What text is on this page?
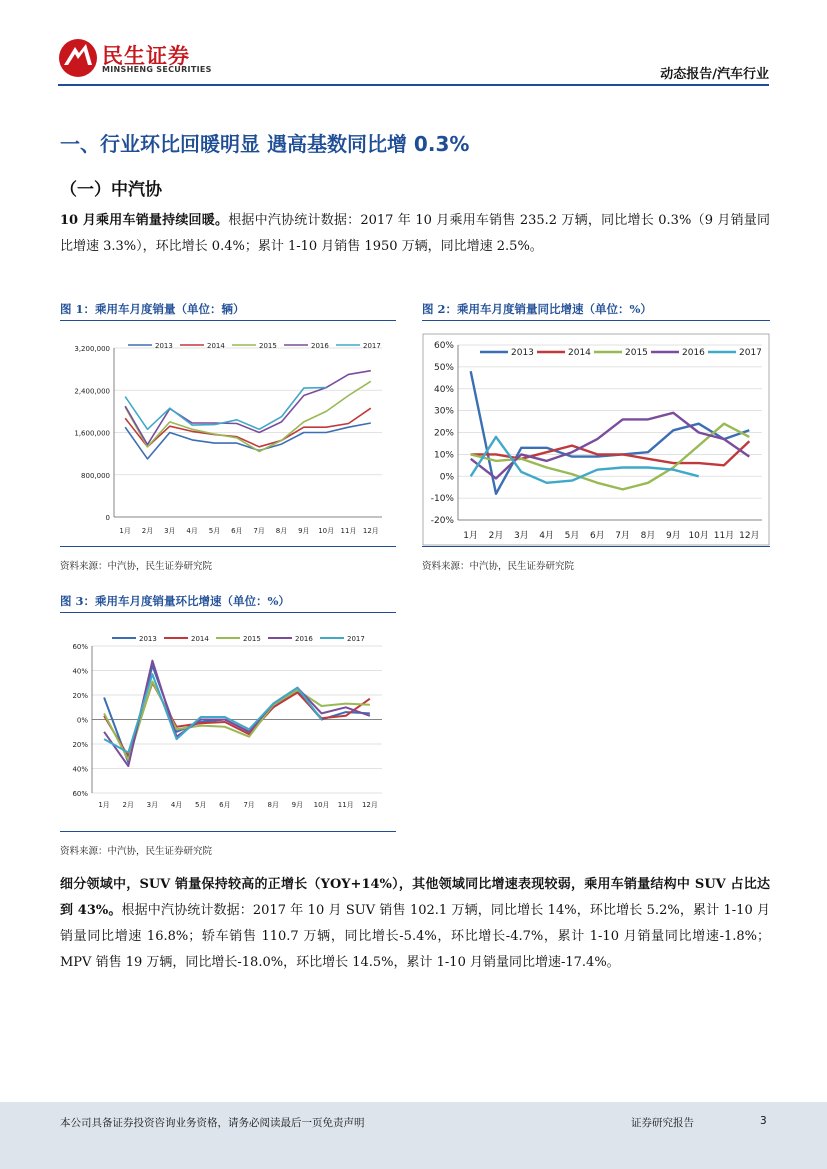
民生证券
MINSHENG SECURITIES	动态报告/汽车行业
一、行业环比回暖明显 遇高基数同比增 0.3%
（一）中汽协
10 月乘用车销量持续回暖。根据中汽协统计数据：2017 年 10 月乘用车销售 235.2 万辆，同比增长 0.3%（9 月销量同比增速 3.3%），环比增长 0.4%；累计 1-10 月销售 1950 万辆，同比增速 2.5%。
图 1：乘用车月度销量（单位：辆）
0
800,000
1,600,000
2,400,000
3,200,000
1月 2月 3月 4月 5月 6月 7月 8月 9月 10月 11月 12月
2013	2014	2015	2016	2017
资料来源：中汽协，民生证券研究院
图 2：乘用车月度销量同比增速（单位：%）
-20%
-10%
0%
10%
20%
30%
40%
50%
60%
1月 2月 3月 4月 5月 6月 7月 8月 9月 10月 11月 12月
2013	2014	2015	2016	2017
资料来源：中汽协，民生证券研究院
图 3：乘用车月度销量环比增速（单位：%）
60%
40%
20%
0%
20%
40%
60%
1月 2月 3月 4月 5月 6月 7月 8月 9月 10月 11月 12月
2013	2014	2015	2016	2017
资料来源：中汽协，民生证券研究院
细分领域中，SUV 销量保持较高的正增长（YOY+14%），其他领域同比增速表现较弱，乘用车销量结构中 SUV 占比达到 43%。根据中汽协统计数据：2017 年 10 月 SUV 销售 102.1 万辆，同比增长 14%，环比增长 5.2%，累计 1-10 月销量同比增速 16.8%；轿车销售 110.7 万辆，同比增长-5.4%，环比增长-4.7%，累计 1-10 月销量同比增速-1.8%；MPV 销售 19 万辆，同比增长-18.0%，环比增长 14.5%，累计 1-10 月销量同比增速-17.4%。
本公司具备证券投资咨询业务资格，请务必阅读最后一页免责声明	证券研究报告	3
